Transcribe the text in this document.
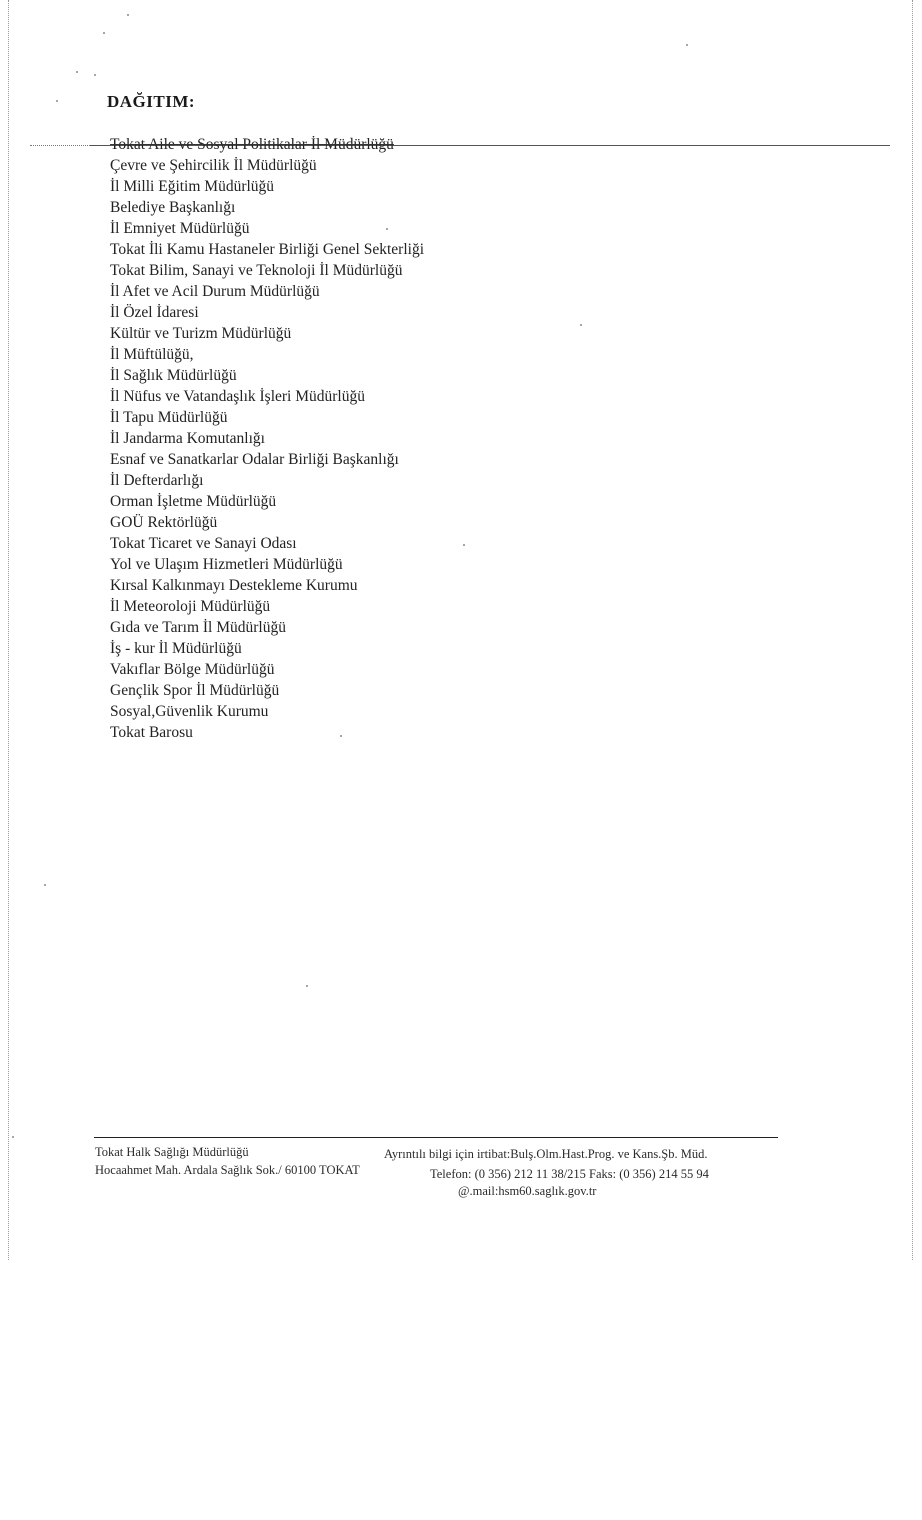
DAĞITIM:
Tokat Aile ve Sosyal Politikalar İl Müdürlüğü
Çevre ve Şehircilik İl Müdürlüğü
İl Milli Eğitim Müdürlüğü
Belediye Başkanlığı
İl Emniyet Müdürlüğü
Tokat İli Kamu Hastaneler Birliği Genel Sekterliği
Tokat Bilim, Sanayi ve Teknoloji İl Müdürlüğü
İl Afet ve Acil Durum Müdürlüğü
İl Özel İdaresi
Kültür ve Turizm Müdürlüğü
İl Müftülüğü,
İl Sağlık Müdürlüğü
İl Nüfus ve Vatandaşlık İşleri Müdürlüğü
İl Tapu Müdürlüğü
İl Jandarma Komutanlığı
Esnaf ve Sanatkarlar Odalar Birliği Başkanlığı
İl Defterdarlığı
Orman İşletme Müdürlüğü
GOÜ Rektörlüğü
Tokat Ticaret ve Sanayi Odası
Yol ve Ulaşım Hizmetleri Müdürlüğü
Kırsal Kalkınmayı Destekleme Kurumu
İl Meteoroloji Müdürlüğü
Gıda ve Tarım İl Müdürlüğü
İş - kur İl Müdürlüğü
Vakıflar Bölge Müdürlüğü
Gençlik Spor İl Müdürlüğü
Sosyal,Güvenlik Kurumu
Tokat Barosu
Tokat Halk Sağlığı Müdürlüğü	Ayrıntılı bilgi için irtibat:Bulş.Olm.Hast.Prog. ve Kans.Şb. Müd.
Hocaahmet Mah. Ardala Sağlık Sok./ 60100 TOKAT	Telefon: (0 356) 212 11 38/215 Faks: (0 356) 214 55 94
@.mail:hsm60.saglık.gov.tr
